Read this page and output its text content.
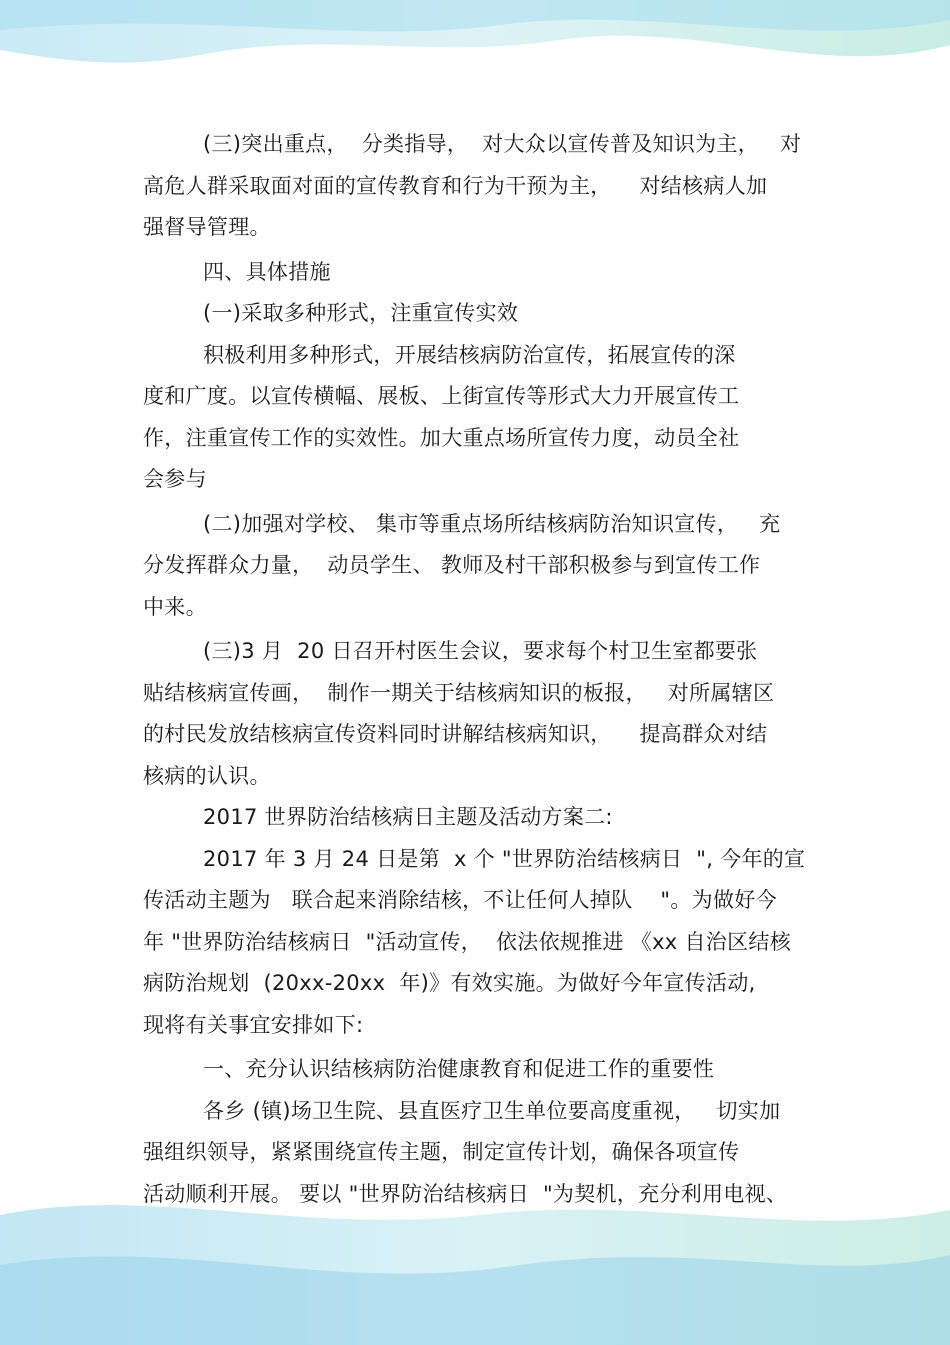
(三)突出重点，  分类指导，  对大众以宣传普及知识为主，   对
高危人群采取面对面的宣传教育和行为干预为主，    对结核病人加
强督导管理。
四、具体措施
(一)采取多种形式，注重宣传实效
积极利用多种形式，开展结核病防治宣传，拓展宣传的深
度和广度。以宣传横幅、展板、上街宣传等形式大力开展宣传工
作，注重宣传工作的实效性。加大重点场所宣传力度，动员全社
会参与
(二)加强对学校、 集市等重点场所结核病防治知识宣传，   充
分发挥群众力量，  动员学生、 教师及村干部积极参与到宣传工作
中来。
(三)3 月  20 日召开村医生会议，要求每个村卫生室都要张
贴结核病宣传画，  制作一期关于结核病知识的板报，   对所属辖区
的村民发放结核病宣传资料同时讲解结核病知识，    提高群众对结
核病的认识。
2017 世界防治结核病日主题及活动方案二:
2017 年 3 月 24 日是第  x 个 "世界防治结核病日  ", 今年的宣
传活动主题为   联合起来消除结核，不让任何人掉队    "。为做好今
年 "世界防治结核病日  "活动宣传，  依法依规推进 《xx 自治区结核
病防治规划  (20xx-20xx  年)》有效实施。为做好今年宣传活动,
现将有关事宜安排如下:
一、充分认识结核病防治健康教育和促进工作的重要性
各乡 (镇)场卫生院、县直医疗卫生单位要高度重视，   切实加
强组织领导，紧紧围绕宣传主题，制定宣传计划，确保各项宣传
活动顺利开展。 要以 "世界防治结核病日  "为契机，充分利用电视、
